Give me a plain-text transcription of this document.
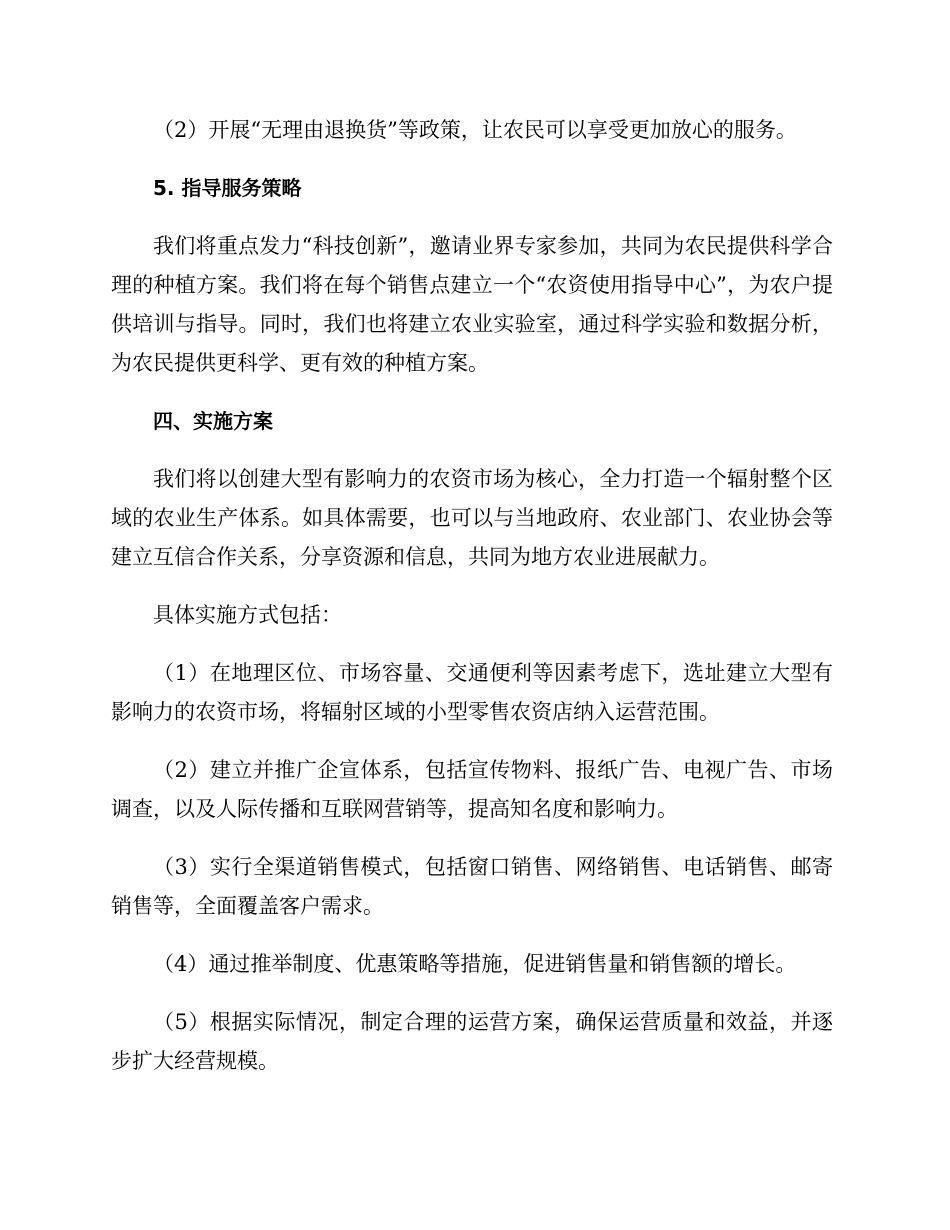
（2）开展“无理由退换货”等政策，让农民可以享受更加放心的服务。

5. 指导服务策略

我们将重点发力“科技创新”，邀请业界专家参加，共同为农民提供科学合理的种植方案。我们将在每个销售点建立一个“农资使用指导中心”，为农户提供培训与指导。同时，我们也将建立农业实验室，通过科学实验和数据分析，为农民提供更科学、更有效的种植方案。

四、实施方案

我们将以创建大型有影响力的农资市场为核心，全力打造一个辐射整个区域的农业生产体系。如具体需要，也可以与当地政府、农业部门、农业协会等建立互信合作关系，分享资源和信息，共同为地方农业进展献力。

具体实施方式包括：

（1）在地理区位、市场容量、交通便利等因素考虑下，选址建立大型有影响力的农资市场，将辐射区域的小型零售农资店纳入运营范围。

（2）建立并推广企宣体系，包括宣传物料、报纸广告、电视广告、市场调查，以及人际传播和互联网营销等，提高知名度和影响力。

（3）实行全渠道销售模式，包括窗口销售、网络销售、电话销售、邮寄销售等，全面覆盖客户需求。

（4）通过推举制度、优惠策略等措施，促进销售量和销售额的增长。

（5）根据实际情况，制定合理的运营方案，确保运营质量和效益，并逐步扩大经营规模。
